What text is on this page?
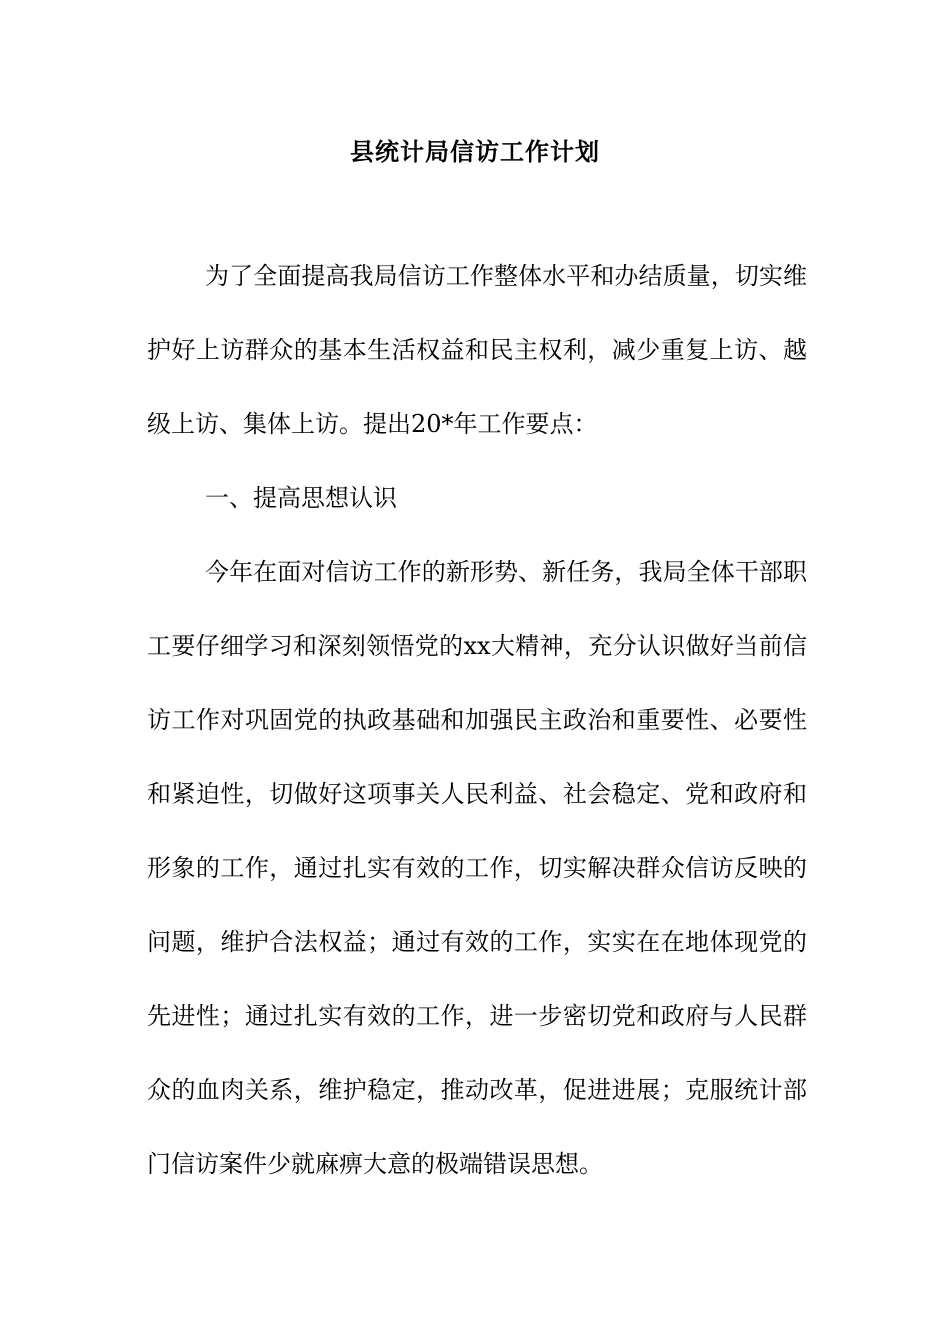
县统计局信访工作计划
为了全面提高我局信访工作整体水平和办结质量，切实维
护好上访群众的基本生活权益和民主权利，减少重复上访、越
级上访、集体上访。提出20*年工作要点：
一、提高思想认识
今年在面对信访工作的新形势、新任务，我局全体干部职
工要仔细学习和深刻领悟党的xx大精神，充分认识做好当前信
访工作对巩固党的执政基础和加强民主政治和重要性、必要性
和紧迫性，切做好这项事关人民利益、社会稳定、党和政府和
形象的工作，通过扎实有效的工作，切实解决群众信访反映的
问题，维护合法权益；通过有效的工作，实实在在地体现党的
先进性；通过扎实有效的工作，进一步密切党和政府与人民群
众的血肉关系，维护稳定，推动改革，促进进展；克服统计部
门信访案件少就麻痹大意的极端错误思想。
